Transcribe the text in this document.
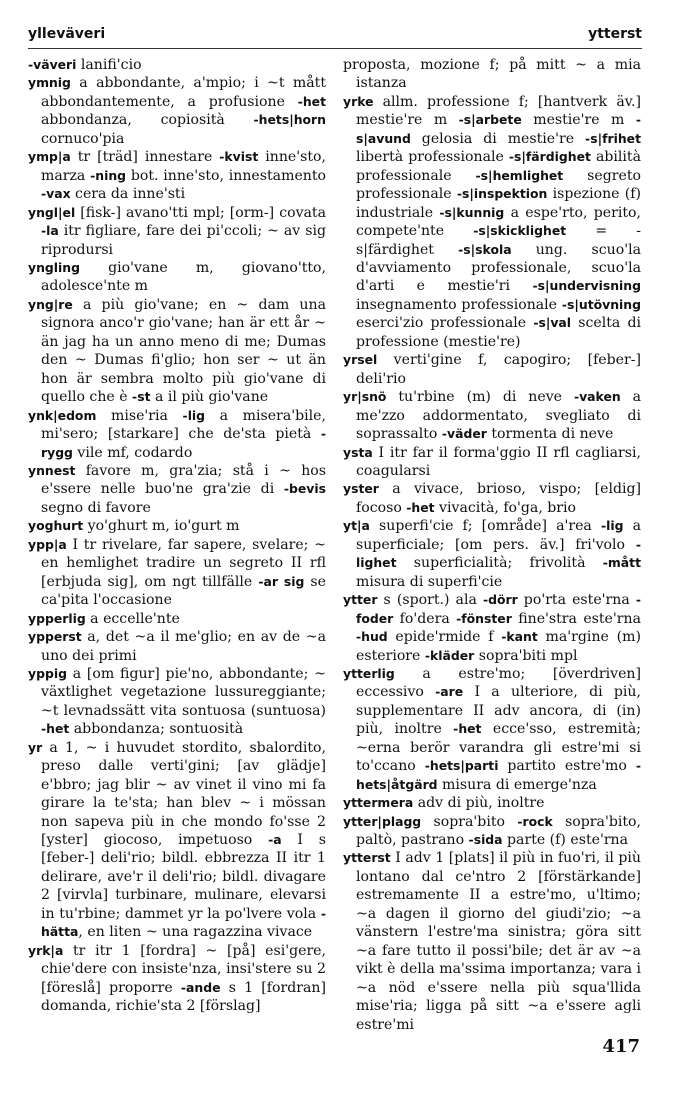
ylleväveri	ytterst

-väveri lanifi'cio

ymnig a abbondante, a'mpio; i ~t mått abbondantemente, a profusione -het abbondanza, copiosità -hets|horn cornuco'pia

ymp|a tr [träd] innestare -kvist inne'sto, marza -ning bot. inne'sto, innestamento -vax cera da inne'sti

yngl|el [fisk-] avano'tti mpl; [orm-] covata -la itr figliare, fare dei pi'ccoli; ~ av sig riprodursi

yngling gio'vane m, giovano'tto, adolesce'nte m

yng|re a più gio'vane; en ~ dam una signora anco'r gio'vane; han är ett år ~ än jag ha un anno meno di me; Dumas den ~ Dumas fi'glio; hon ser ~ ut än hon är sembra molto più gio'vane di quello che è -st a il più gio'vane

ynk|edom mise'ria -lig a misera'bile, mi'sero; [starkare] che de'sta pietà -rygg vile mf, codardo

ynnest favore m, gra'zia; stå i ~ hos e'ssere nelle buo'ne gra'zie di -bevis segno di favore

yoghurt yo'ghurt m, io'gurt m

ypp|a I tr rivelare, far sapere, svelare; ~ en hemlighet tradire un segreto II rfl [erbjuda sig], om ngt tillfälle -ar sig se ca'pita l'occasione

ypperlig a eccelle'nte

ypperst a, det ~a il me'glio; en av de ~a uno dei primi

yppig a [om figur] pie'no, abbondante; ~ växtlighet vegetazione lussureggiante; ~t levnadssätt vita sontuosa (suntuosa) -het abbondanza; sontuosità

yr a 1, ~ i huvudet stordito, sbalordito, preso dalle verti'gini; [av glädje] e'bbro; jag blir ~ av vinet il vino mi fa girare la te'sta; han blev ~ i mössan non sapeva più in che mondo fo'sse 2 [yster] giocoso, impetuoso -a I s [feber-] deli'rio; bildl. ebbrezza II itr 1 delirare, ave'r il deli'rio; bildl. divagare 2 [virvla] turbinare, mulinare, elevarsi in tu'rbine; dammet yr la po'lvere vola -hätta, en liten ~ una ragazzina vivace

yrk|a tr itr 1 [fordra] ~ [på] esi'gere, chie'dere con insiste'nza, insi'stere su 2 [föreslå] proporre -ande s 1 [fordran] domanda, richie'sta 2 [förslag]

proposta, mozione f; på mitt ~ a mia istanza

yrke allm. professione f; [hantverk äv.] mestie're m -s|arbete mestie're m -s|avund gelosia di mestie're -s|frihet libertà professionale -s|färdighet abilità professionale -s|hemlighet segreto professionale -s|inspektion ispezione (f) industriale -s|kunnig a espe'rto, perito, compete'nte -s|skicklighet = -s|färdighet -s|skola ung. scuo'la d'avviamento professionale, scuo'la d'arti e mestie'ri -s|undervisning insegnamento professionale -s|utövning eserci'zio professionale -s|val scelta di professione (mestie're)

yrsel verti'gine f, capogiro; [feber-] deli'rio

yr|snö tu'rbine (m) di neve -vaken a me'zzo addormentato, svegliato di soprassalto -väder tormenta di neve

ysta I itr far il forma'ggio II rfl cagliarsi, coagularsi

yster a vivace, brioso, vispo; [eldig] focoso -het vivacità, fo'ga, brio

yt|a superfi'cie f; [område] a'rea -lig a superficiale; [om pers. äv.] fri'volo -lighet superficialità; frivolità -mått misura di superfi'cie

ytter s (sport.) ala -dörr po'rta este'rna -foder fo'dera -fönster fine'stra este'rna -hud epide'rmide f -kant ma'rgine (m) esteriore -kläder sopra'biti mpl

ytterlig a estre'mo; [överdriven] eccessivo -are I a ulteriore, di più, supplementare II adv ancora, di (in) più, inoltre -het ecce'sso, estremità; ~erna berör varandra gli estre'mi si to'ccano -hets|parti partito estre'mo -hets|åtgärd misura di emerge'nza

yttermera adv di più, inoltre

ytter|plagg sopra'bito -rock sopra'bito, paltò, pastrano -sida parte (f) este'rna

ytterst I adv 1 [plats] il più in fuo'ri, il più lontano dal ce'ntro 2 [förstärkande] estremamente II a estre'mo, u'ltimo; ~a dagen il giorno del giudi'zio; ~a vänstern l'estre'ma sinistra; göra sitt ~a fare tutto il possi'bile; det är av ~a vikt è della ma'ssima importanza; vara i ~a nöd e'ssere nella più squa'llida mise'ria; ligga på sitt ~a e'ssere agli estre'mi

417
